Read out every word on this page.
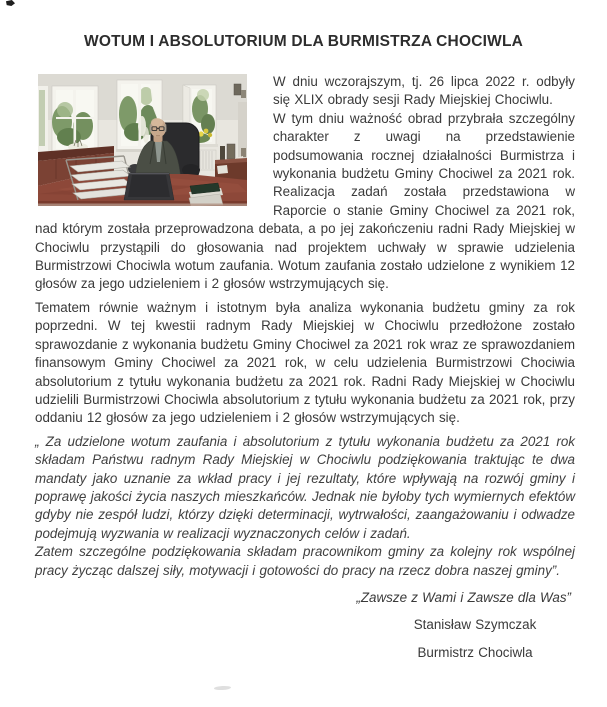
WOTUM I ABSOLUTORIUM DLA BURMISTRZA CHOCIWLA

W dniu wczorajszym, tj. 26 lipca 2022 r. odbyły się XLIX obrady sesji Rady Miejskiej Chociwlu.

W tym dniu ważność obrad przybrała szczególny charakter z uwagi na przedstawienie podsumowania rocznej działalności Burmistrza i wykonania budżetu Gminy Chociwel za 2021 rok. Realizacja zadań została przedstawiona w Raporcie o stanie Gminy Chociwel za 2021 rok, nad którym została przeprowadzona debata, a po jej zakończeniu radni Rady Miejskiej w Chociwlu przystąpili do głosowania nad projektem uchwały w sprawie udzielenia Burmistrzowi Chociwla wotum zaufania. Wotum zaufania zostało udzielone z wynikiem 12 głosów za jego udzieleniem i 2 głosów wstrzymujących się.

Tematem równie ważnym i istotnym była analiza wykonania budżetu gminy za rok poprzedni. W tej kwestii radnym Rady Miejskiej w Chociwlu przedłożone zostało sprawozdanie z wykonania budżetu Gminy Chociwel za 2021 rok wraz ze sprawozdaniem finansowym Gminy Chociwel za 2021 rok, w celu udzielenia Burmistrzowi Chociwia absolutorium z tytułu wykonania budżetu za 2021 rok. Radni Rady Miejskiej w Chociwlu udzielili Burmistrzowi Chociwla absolutorium z tytułu wykonania budżetu za 2021 rok, przy oddaniu 12 głosów za jego udzieleniem i 2 głosów wstrzymujących się.

„ Za udzielone wotum zaufania i absolutorium z tytułu wykonania budżetu za 2021 rok składam Państwu radnym Rady Miejskiej w Chociwlu podziękowania traktując te dwa mandaty jako uznanie za wkład pracy i jej rezultaty, które wpływają na rozwój gminy i poprawę jakości życia naszych mieszkańców. Jednak nie byłoby tych wymiernych efektów gdyby nie zespół ludzi, którzy dzięki determinacji, wytrwałości, zaangażowaniu i odwadze podejmują wyzwania w realizacji wyznaczonych celów i zadań.

Zatem szczególne podziękowania składam pracownikom gminy za kolejny rok wspólnej pracy życząc dalszej siły, motywacji i gotowości do pracy na rzecz dobra naszej gminy”.

„Zawsze z Wami i Zawsze dla Was”
Stanisław Szymczak
Burmistrz Chociwla
